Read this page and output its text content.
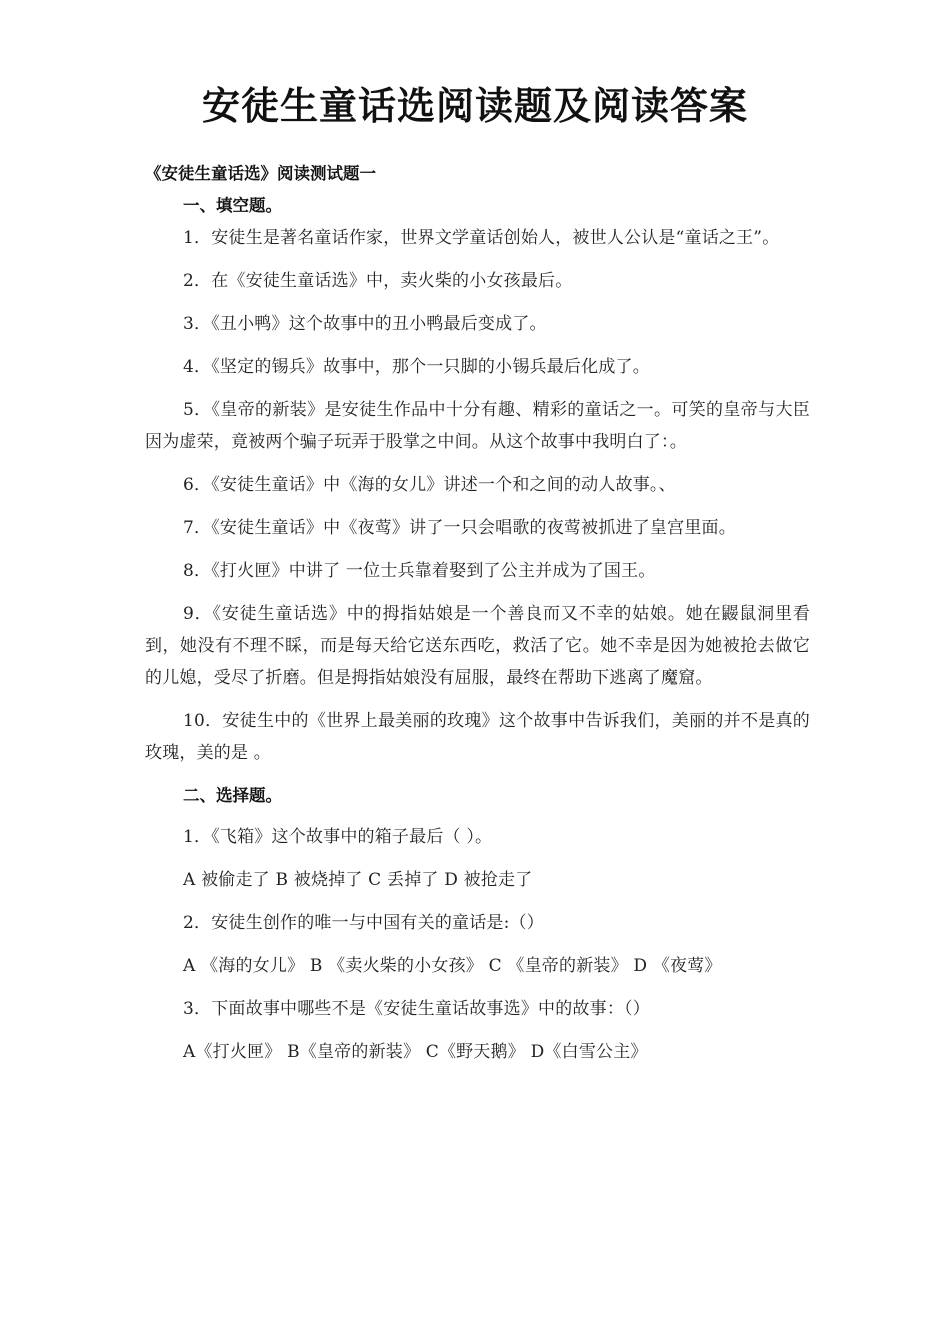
安徒生童话选阅读题及阅读答案

《安徒生童话选》阅读测试题一

一、填空题。

1．安徒生是著名童话作家，世界文学童话创始人，被世人公认是“童话之王”。

2．在《安徒生童话选》中，卖火柴的小女孩最后。

3．《丑小鸭》这个故事中的丑小鸭最后变成了。

4．《坚定的锡兵》故事中，那个一只脚的小锡兵最后化成了。

5．《皇帝的新装》是安徒生作品中十分有趣、精彩的童话之一。可笑的皇帝与大臣因为虚荣，竟被两个骗子玩弄于股掌之中间。从这个故事中我明白了：。

6．《安徒生童话》中《海的女儿》讲述一个和之间的动人故事。、

7．《安徒生童话》中《夜莺》讲了一只会唱歌的夜莺被抓进了皇宫里面。

8．《打火匣》中讲了 一位士兵靠着娶到了公主并成为了国王。

9．《安徒生童话选》中的拇指姑娘是一个善良而又不幸的姑娘。她在鼹鼠洞里看到，她没有不理不睬，而是每天给它送东西吃，救活了它。她不幸是因为她被抢去做它的儿媳，受尽了折磨。但是拇指姑娘没有屈服，最终在帮助下逃离了魔窟。

10．安徒生中的《世界上最美丽的玫瑰》这个故事中告诉我们，美丽的并不是真的玫瑰，美的是 。

二、选择题。

1．《飞箱》这个故事中的箱子最后（ ）。

A 被偷走了 B 被烧掉了 C 丢掉了 D 被抢走了

2．安徒生创作的唯一与中国有关的童话是:（）

A 《海的女儿》 B 《卖火柴的小女孩》 C 《皇帝的新装》 D 《夜莺》

3．下面故事中哪些不是《安徒生童话故事选》中的故事：（）

A《打火匣》 B《皇帝的新装》 C《野天鹅》 D《白雪公主》
